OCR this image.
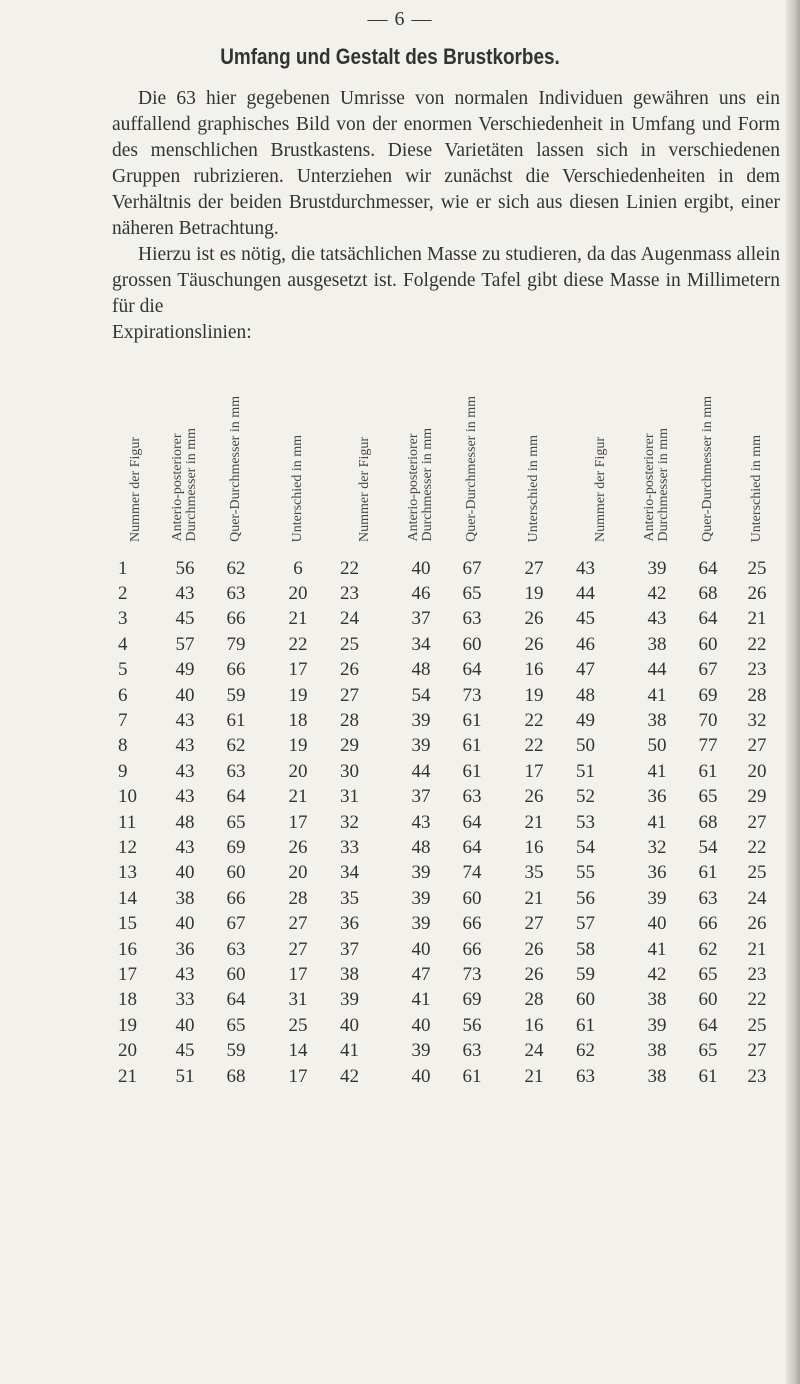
— 6 —
Umfang und Gestalt des Brustkorbes.

Die 63 hier gegebenen Umrisse von normalen Individuen gewähren uns ein auffallend graphisches Bild von der enormen Verschiedenheit in Umfang und Form des menschlichen Brustkastens. Diese Varietäten lassen sich in verschiedenen Gruppen rubrizieren. Unterziehen wir zunächst die Verschiedenheiten in dem Verhältnis der beiden Brustdurchmesser, wie er sich aus diesen Linien ergibt, einer näheren Betrachtung.

Hierzu ist es nötig, die tatsächlichen Masse zu studieren, da das Augenmass allein grossen Täuschungen ausgesetzt ist. Folgende Tafel gibt diese Masse in Millimetern für die

Expirationslinien:

Nummer der Figur	Anterio-posteriorer
Durchmesser in mm	Quer-Durchmesser in mm	Unterschied in mm	Nummer der Figur	Anterio-posteriorer
Durchmesser in mm	Quer-Durchmesser in mm	Unterschied in mm	Nummer der Figur	Anterio-posteriorer
Durchmesser in mm	Quer-Durchmesser in mm	Unterschied in mm
1	56	62	6	22	40	67	27	43	39	64	25
2	43	63	20	23	46	65	19	44	42	68	26
3	45	66	21	24	37	63	26	45	43	64	21
4	57	79	22	25	34	60	26	46	38	60	22
5	49	66	17	26	48	64	16	47	44	67	23
6	40	59	19	27	54	73	19	48	41	69	28
7	43	61	18	28	39	61	22	49	38	70	32
8	43	62	19	29	39	61	22	50	50	77	27
9	43	63	20	30	44	61	17	51	41	61	20
10	43	64	21	31	37	63	26	52	36	65	29
11	48	65	17	32	43	64	21	53	41	68	27
12	43	69	26	33	48	64	16	54	32	54	22
13	40	60	20	34	39	74	35	55	36	61	25
14	38	66	28	35	39	60	21	56	39	63	24
15	40	67	27	36	39	66	27	57	40	66	26
16	36	63	27	37	40	66	26	58	41	62	21
17	43	60	17	38	47	73	26	59	42	65	23
18	33	64	31	39	41	69	28	60	38	60	22
19	40	65	25	40	40	56	16	61	39	64	25
20	45	59	14	41	39	63	24	62	38	65	27
21	51	68	17	42	40	61	21	63	38	61	23
